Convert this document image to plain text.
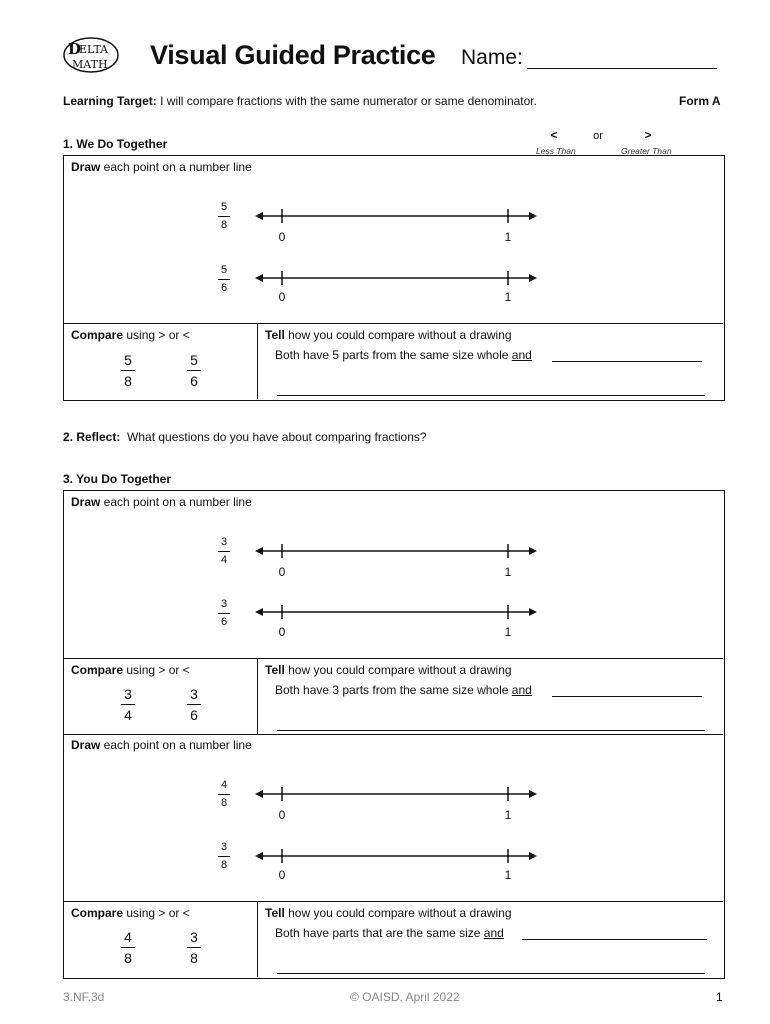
D
ELTA
MATH Visual Guided Practice Name:
Learning Target: I will compare fractions with the same numerator or same denominator.	Form A
<	or	>
Less Than	Greater Than
1. We Do Together
Draw each point on a number line
5
8
0	1
5
6
0	1
Compare using > or <
5
8
5
6
Tell how you could compare without a drawing
Both have 5 parts from the same size whole and
2. Reflect: What questions do you have about comparing fractions?
3. You Do Together
Draw each point on a number line
3
4
0	1
3
6
0	1
Compare using > or <
3
4
3
6
Tell how you could compare without a drawing
Both have 3 parts from the same size whole and
Draw each point on a number line
4
8
0	1
3
8
0	1
Compare using > or <
4
8
3
8
Tell how you could compare without a drawing
Both have parts that are the same size and
3.NF.3d	© OAISD, April 2022	1
